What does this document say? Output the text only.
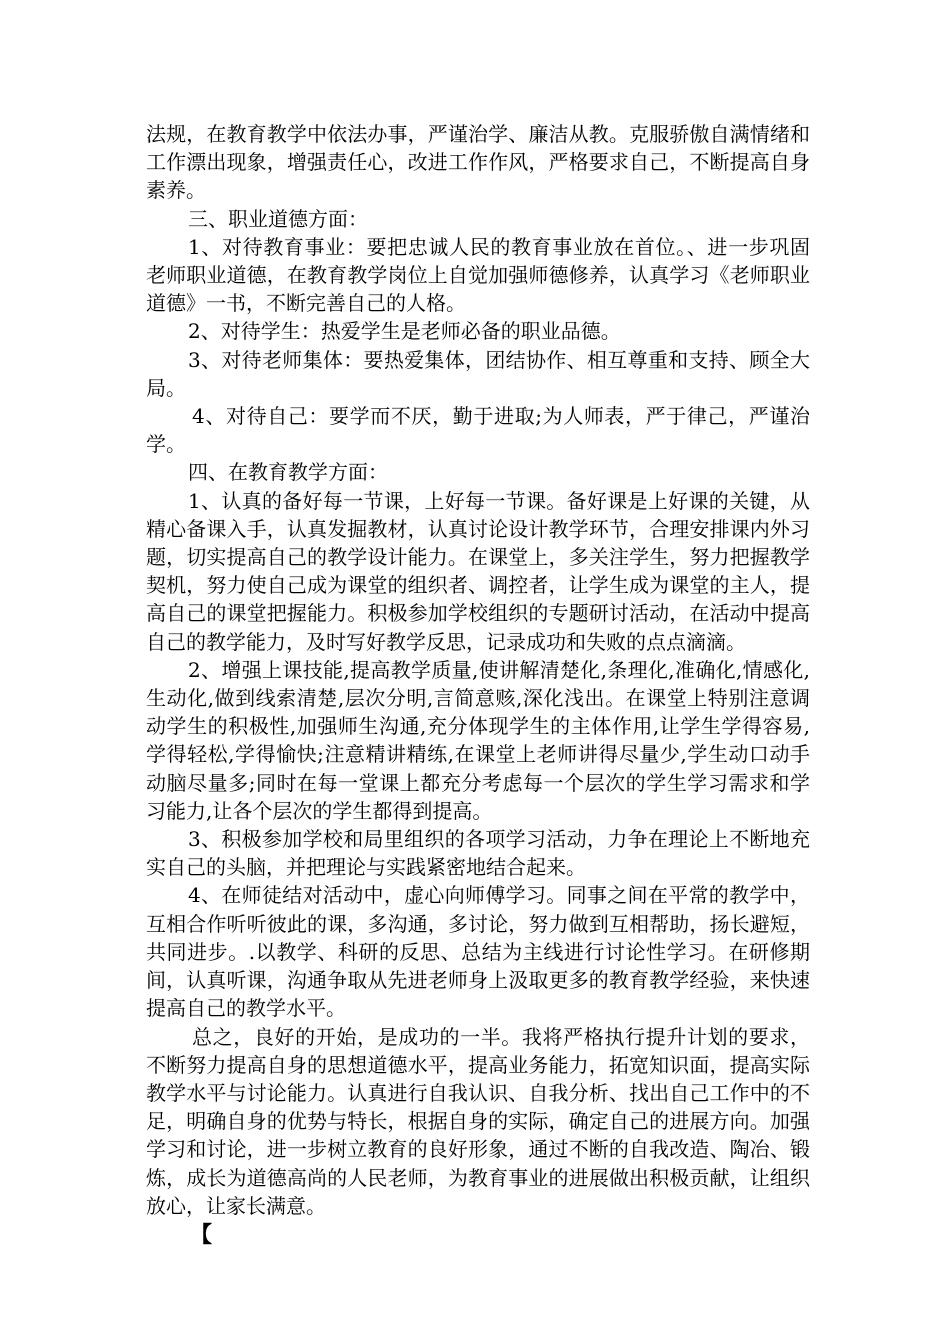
法规，在教育教学中依法办事，严谨治学、廉洁从教。克服骄傲自满情绪和工作漂出现象，增强责任心，改进工作作风，严格要求自己，不断提高自身素养。

三、职业道德方面：

1、对待教育事业：要把忠诚人民的教育事业放在首位。、进一步巩固老师职业道德，在教育教学岗位上自觉加强师德修养，认真学习《老师职业道德》一书，不断完善自己的人格。

2、对待学生：热爱学生是老师必备的职业品德。

3、对待老师集体：要热爱集体，团结协作、相互尊重和支持、顾全大局。

4、对待自己：要学而不厌，勤于进取;为人师表，严于律己，严谨治学。

四、在教育教学方面：

1、认真的备好每一节课，上好每一节课。备好课是上好课的关键，从精心备课入手，认真发掘教材，认真讨论设计教学环节，合理安排课内外习题，切实提高自己的教学设计能力。在课堂上，多关注学生，努力把握教学契机，努力使自己成为课堂的组织者、调控者，让学生成为课堂的主人，提高自己的课堂把握能力。积极参加学校组织的专题研讨活动，在活动中提高自己的教学能力，及时写好教学反思，记录成功和失败的点点滴滴。

2、增强上课技能,提高教学质量,使讲解清楚化,条理化,准确化,情感化,生动化,做到线索清楚,层次分明,言简意赅,深化浅出。在课堂上特别注意调动学生的积极性,加强师生沟通,充分体现学生的主体作用,让学生学得容易,学得轻松,学得愉快;注意精讲精练,在课堂上老师讲得尽量少,学生动口动手动脑尽量多;同时在每一堂课上都充分考虑每一个层次的学生学习需求和学习能力,让各个层次的学生都得到提高。

3、积极参加学校和局里组织的各项学习活动，力争在理论上不断地充实自己的头脑，并把理论与实践紧密地结合起来。

4、在师徒结对活动中，虚心向师傅学习。同事之间在平常的教学中，互相合作听听彼此的课，多沟通，多讨论，努力做到互相帮助，扬长避短，共同进步。.以教学、科研的反思、总结为主线进行讨论性学习。在研修期间，认真听课，沟通争取从先进老师身上汲取更多的教育教学经验，来快速提高自己的教学水平。

总之，良好的开始，是成功的一半。我将严格执行提升计划的要求，不断努力提高自身的思想道德水平，提高业务能力，拓宽知识面，提高实际教学水平与讨论能力。认真进行自我认识、自我分析、找出自己工作中的不足，明确自身的优势与特长，根据自身的实际，确定自己的进展方向。加强学习和讨论，进一步树立教育的良好形象，通过不断的自我改造、陶冶、锻炼，成长为道德高尚的人民老师，为教育事业的进展做出积极贡献，让组织放心，让家长满意。

【
